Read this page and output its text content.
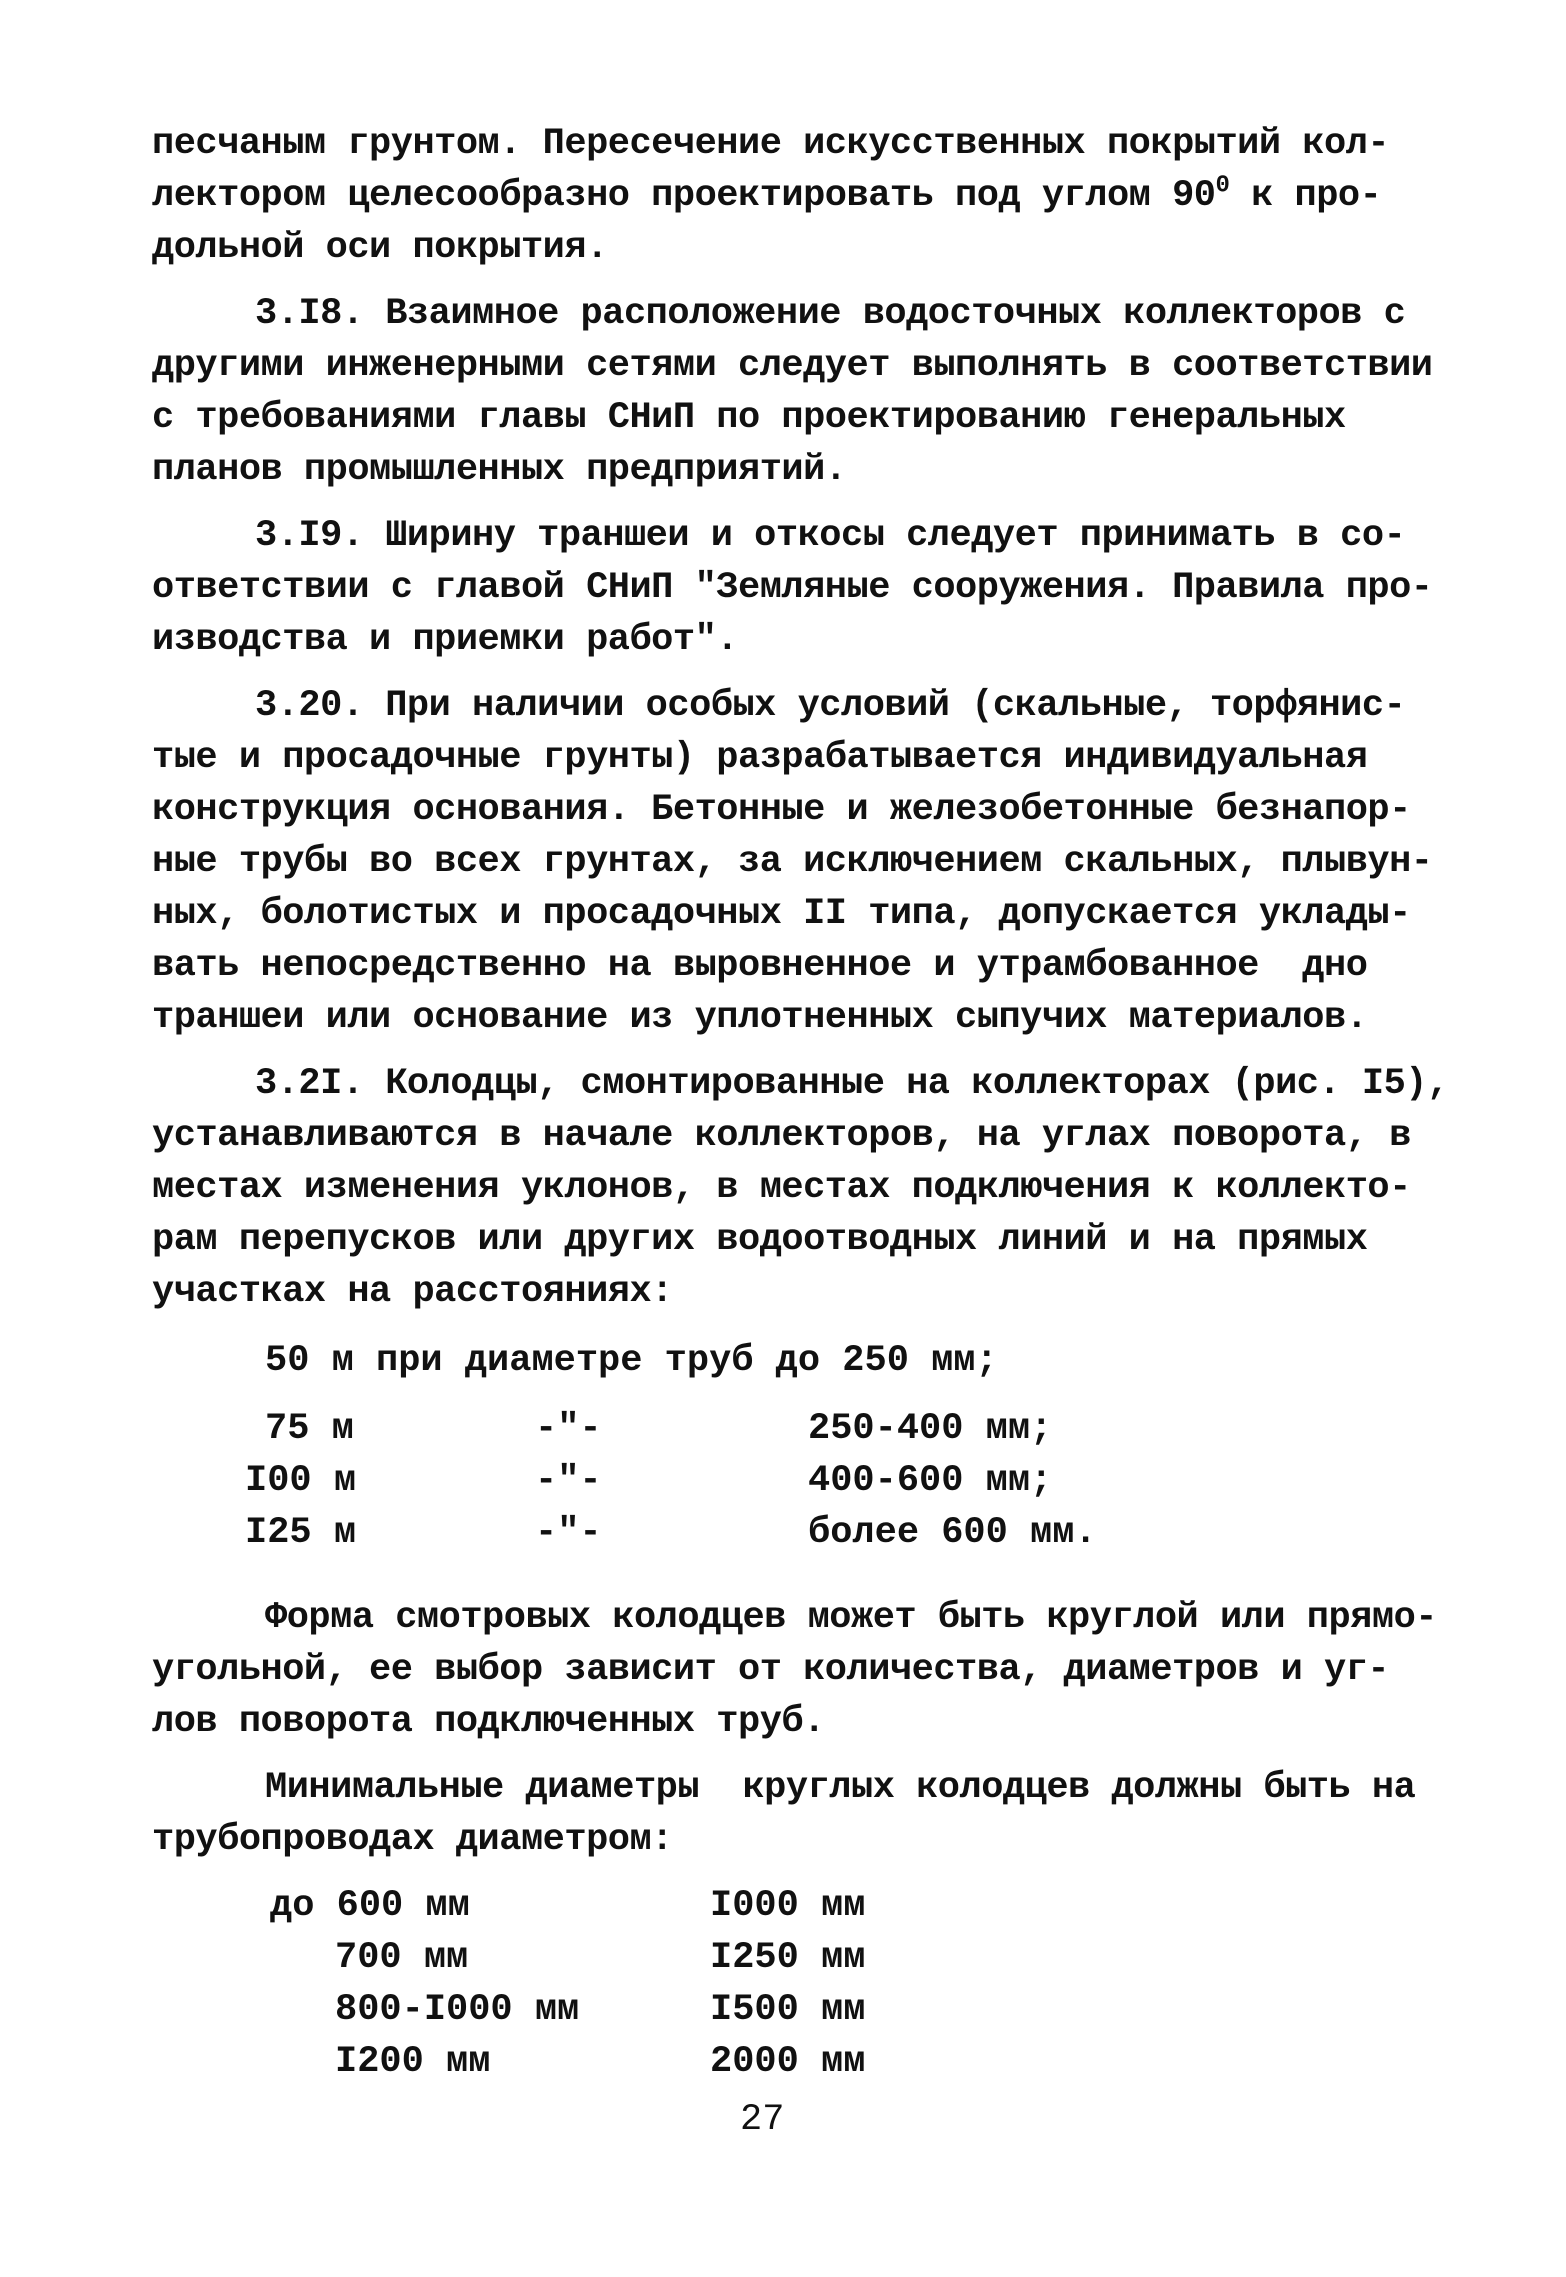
песчаным грунтом. Пересечение искусственных покрытий кол-
лектором целесообразно проектировать под углом $90^0$ к про-
дольной оси покрытия.
3.I8. Взаимное расположение водосточных коллекторов с
другими инженерными сетями следует выполнять в соответствии
с требованиями главы СНиП по проектированию генеральных
планов промышленных предприятий.
3.I9. Ширину траншеи и откосы следует принимать в со-
ответствии с главой СНиП "Земляные сооружения. Правила про-
изводства и приемки работ".
3.20. При наличии особых условий (скальные, торфянис-
тые и просадочные грунты) разрабатывается индивидуальная
конструкция основания. Бетонные и железобетонные безнапор-
ные трубы во всех грунтах, за исключением скальных, плывун-
ных, болотистых и просадочных II типа, допускается уклады-
вать непосредственно на выровненное и утрамбованное  дно
траншеи или основание из уплотненных сыпучих материалов.
3.2I. Колодцы, смонтированные на коллекторах (рис. I5),
устанавливаются в начале коллекторов, на углах поворота, в
местах изменения уклонов, в местах подключения к коллекто-
рам перепусков или других водоотводных линий и на прямых
участках на расстояниях:
50 м при диаметре труб до 250 мм;
75 м	-"-	250-400 мм;
I00 м	-"-	400-600 мм;
I25 м	-"-	более 600 мм.
Форма смотровых колодцев может быть круглой или прямо-
угольной, ее выбор зависит от количества, диаметров и уг-
лов поворота подключенных труб.
Минимальные диаметры  круглых колодцев должны быть на
трубопроводах диаметром:
до 600 мм	I000 мм
700 мм	I250 мм
800-I000 мм	I500 мм
I200 мм	2000 мм
27
